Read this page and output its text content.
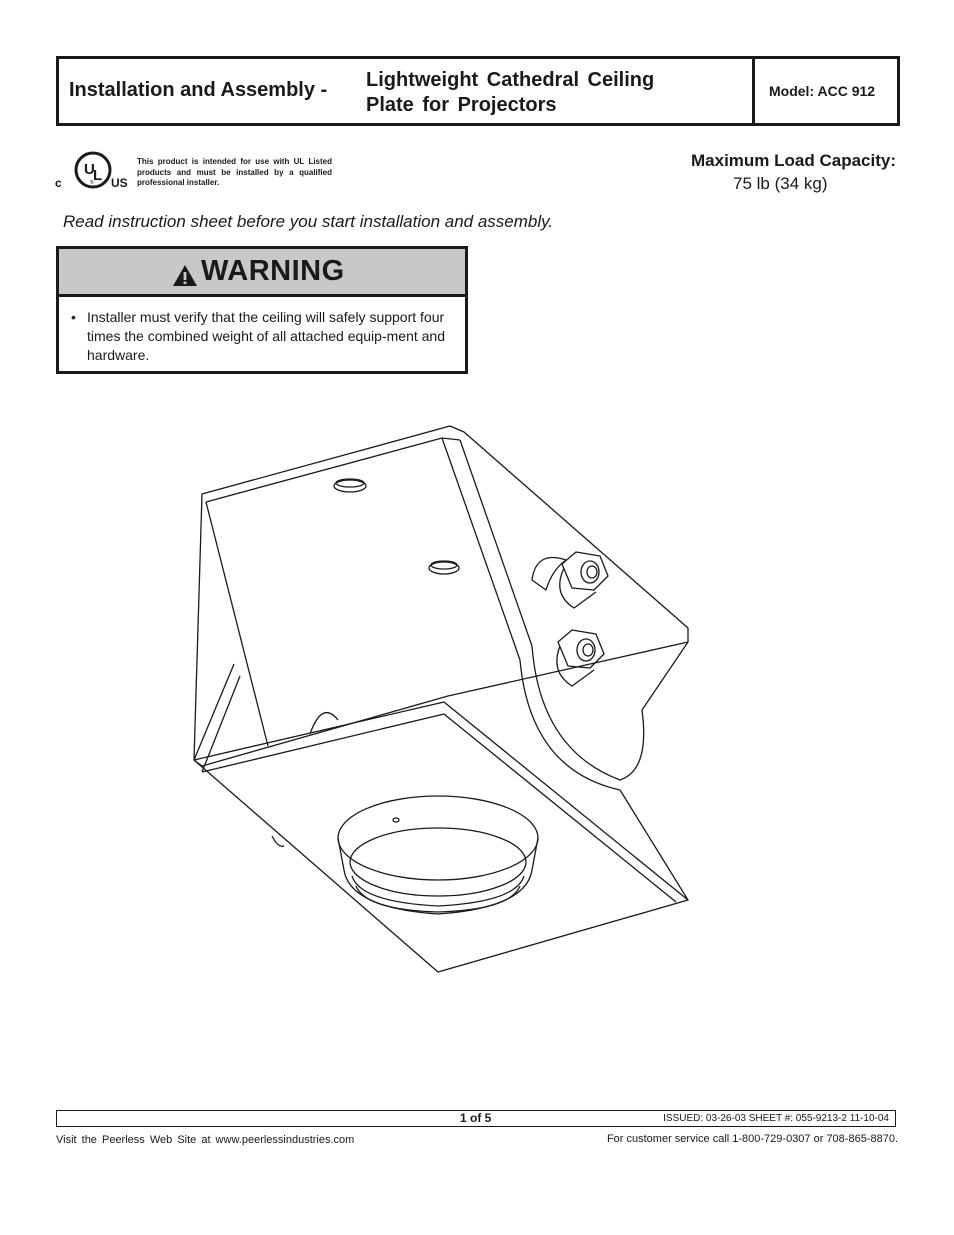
Installation and Assembly - Lightweight Cathedral Ceiling
Plate for Projectors
Model: ACC 912
U
L
®
c	US
This product is intended for use with UL Listed products and must be installed by a qualified professional installer.
Maximum Load Capacity:
75 lb (34 kg)
Read instruction sheet before you start installation and assembly.
WARNING
• Installer must verify that the ceiling will safely support four times the combined weight of all attached equip-ment and hardware.
1 of 5	ISSUED: 03-26-03 SHEET #: 055-9213-2 11-10-04
Visit the Peerless Web Site at www.peerlessindustries.com	For customer service call 1-800-729-0307 or 708-865-8870.
